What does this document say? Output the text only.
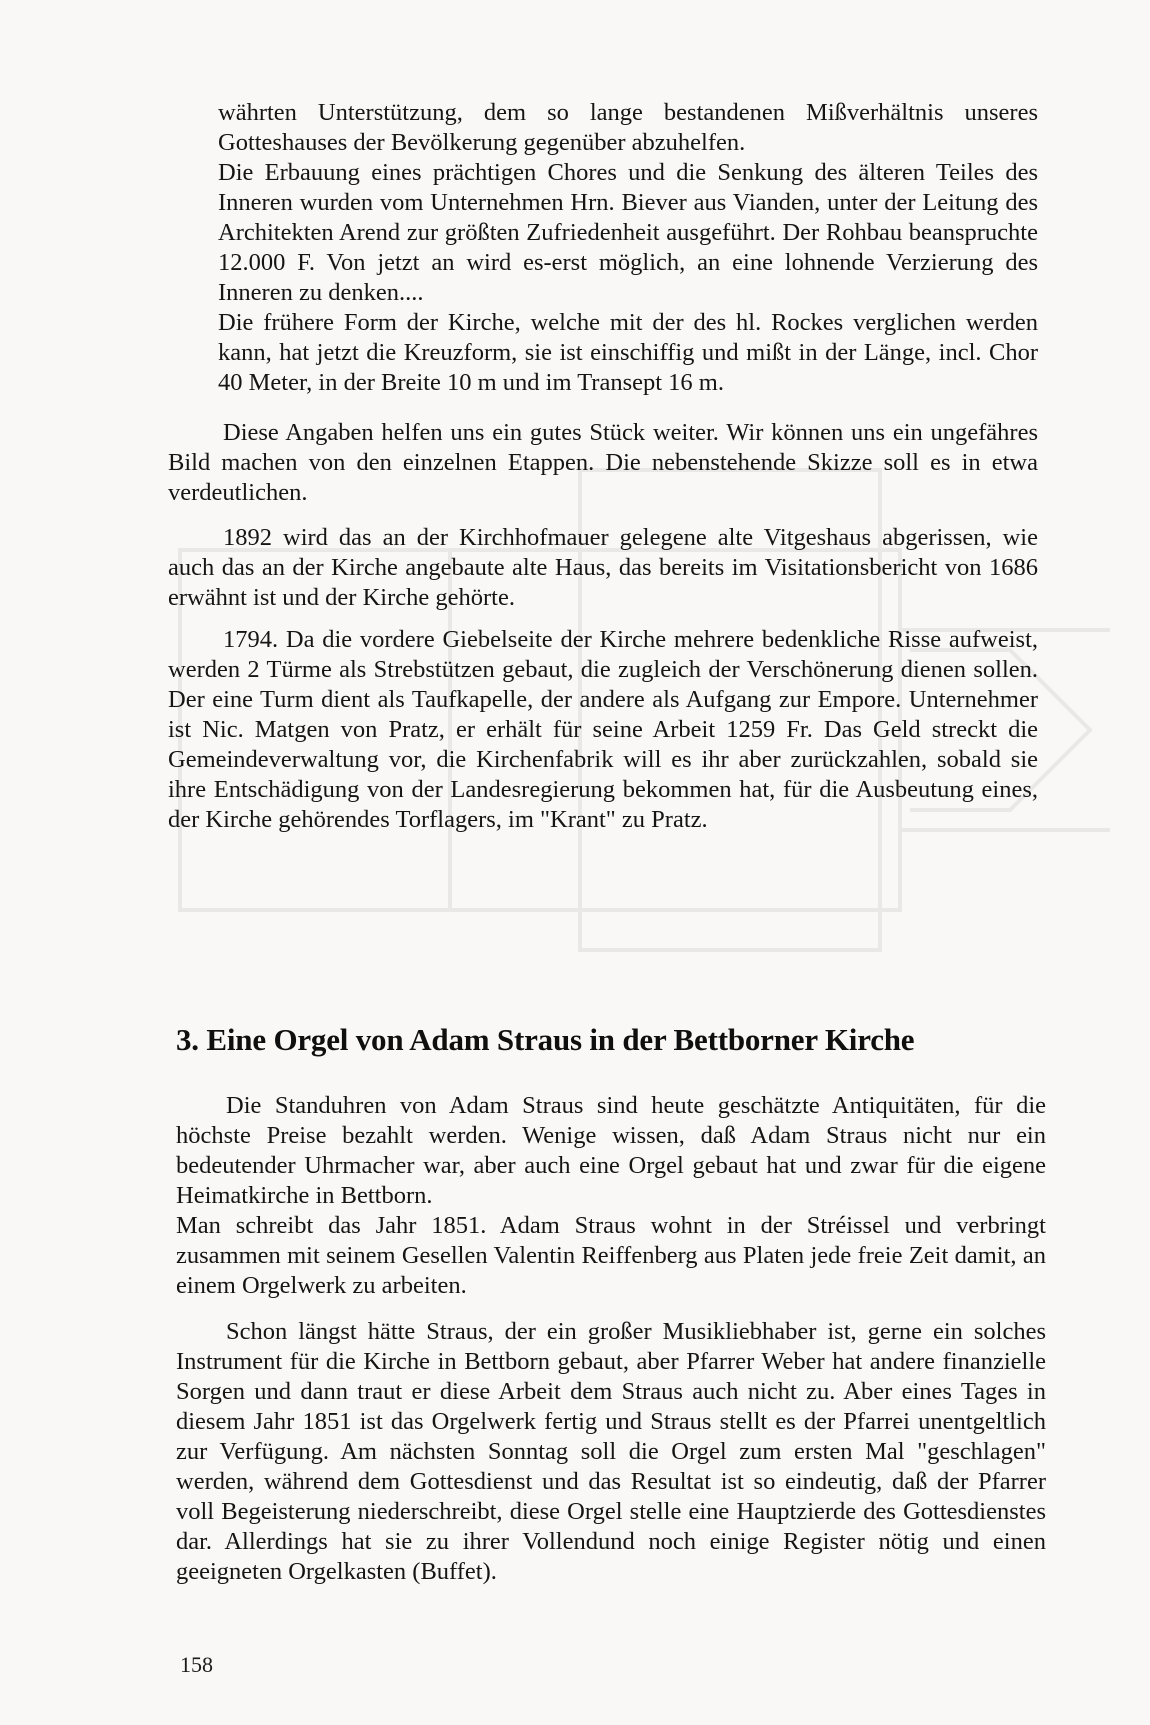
währten Unterstützung, dem so lange bestandenen Mißverhältnis unseres Gotteshauses der Bevölkerung gegenüber abzuhelfen.

Die Erbauung eines prächtigen Chores und die Senkung des älteren Teiles des Inneren wurden vom Unternehmen Hrn. Biever aus Vianden, unter der Leitung des Architekten Arend zur größten Zufriedenheit ausgeführt. Der Rohbau beanspruchte 12.000 F. Von jetzt an wird es-erst möglich, an eine lohnende Verzierung des Inneren zu denken....

Die frühere Form der Kirche, welche mit der des hl. Rockes verglichen werden kann, hat jetzt die Kreuzform, sie ist einschiffig und mißt in der Länge, incl. Chor 40 Meter, in der Breite 10 m und im Transept 16 m.

Diese Angaben helfen uns ein gutes Stück weiter. Wir können uns ein ungefähres Bild machen von den einzelnen Etappen. Die nebenstehende Skizze soll es in etwa verdeutlichen.

1892 wird das an der Kirchhofmauer gelegene alte Vitgeshaus abgerissen, wie auch das an der Kirche angebaute alte Haus, das bereits im Visitationsbericht von 1686 erwähnt ist und der Kirche gehörte.

1794. Da die vordere Giebelseite der Kirche mehrere bedenkliche Risse aufweist, werden 2 Türme als Strebstützen gebaut, die zugleich der Verschönerung dienen sollen. Der eine Turm dient als Taufkapelle, der andere als Aufgang zur Empore. Unternehmer ist Nic. Matgen von Pratz, er erhält für seine Arbeit 1259 Fr. Das Geld streckt die Gemeindeverwaltung vor, die Kirchenfabrik will es ihr aber zurückzahlen, sobald sie ihre Entschädigung von der Landesregierung bekommen hat, für die Ausbeutung eines, der Kirche gehörendes Torflagers, im "Krant" zu Pratz.

3. Eine Orgel von Adam Straus in der Bettborner Kirche

Die Standuhren von Adam Straus sind heute geschätzte Antiquitäten, für die höchste Preise bezahlt werden. Wenige wissen, daß Adam Straus nicht nur ein bedeutender Uhrmacher war, aber auch eine Orgel gebaut hat und zwar für die eigene Heimatkirche in Bettborn.

Man schreibt das Jahr 1851. Adam Straus wohnt in der Stréissel und verbringt zusammen mit seinem Gesellen Valentin Reiffenberg aus Platen jede freie Zeit damit, an einem Orgelwerk zu arbeiten.

Schon längst hätte Straus, der ein großer Musikliebhaber ist, gerne ein solches Instrument für die Kirche in Bettborn gebaut, aber Pfarrer Weber hat andere finanzielle Sorgen und dann traut er diese Arbeit dem Straus auch nicht zu. Aber eines Tages in diesem Jahr 1851 ist das Orgelwerk fertig und Straus stellt es der Pfarrei unentgeltlich zur Verfügung. Am nächsten Sonntag soll die Orgel zum ersten Mal "geschlagen" werden, während dem Gottesdienst und das Resultat ist so eindeutig, daß der Pfarrer voll Begeisterung niederschreibt, diese Orgel stelle eine Hauptzierde des Gottesdienstes dar. Allerdings hat sie zu ihrer Vollendund noch einige Register nötig und einen geeigneten Orgelkasten (Buffet).

158
